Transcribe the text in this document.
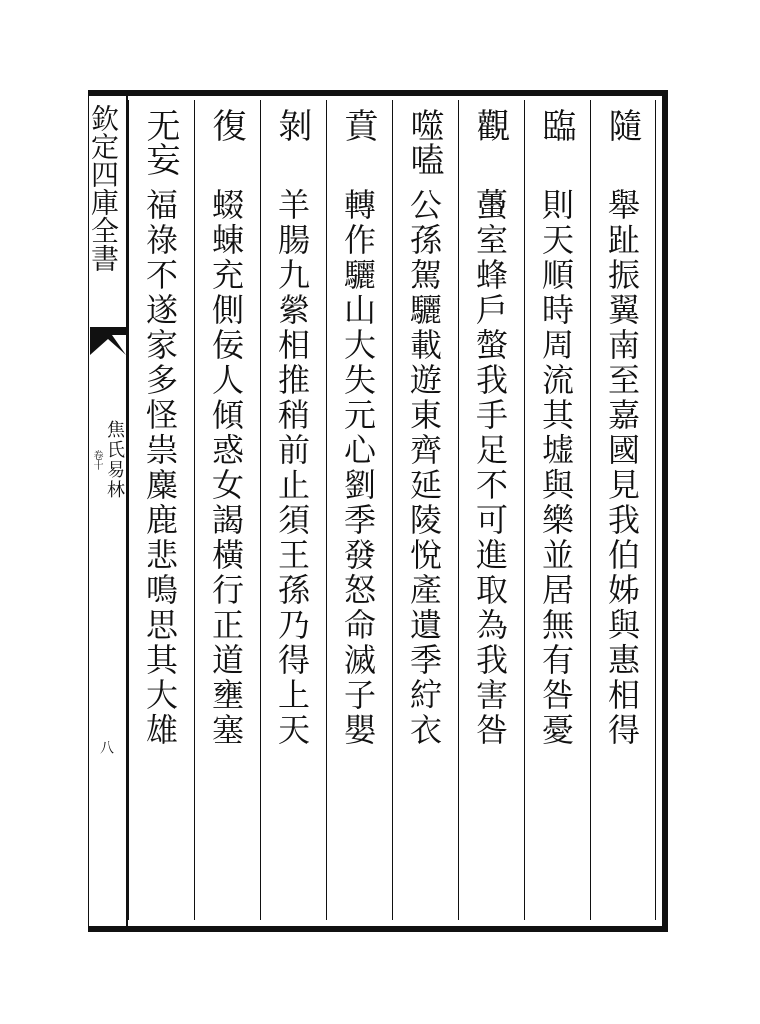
欽定四庫全書
焦氏易林
卷十
八
隨
舉趾振翼南至嘉國見我伯姊與惠相得
臨
則天順時周流其墟與樂並居無有咎憂
觀
蠆室蜂戶螫我手足不可進取為我害咎
噬嗑
公孫駕驪載遊東齊延陵悅產遺季紵衣
賁
轉作驪山大失元心劉季發怒命滅子嬰
剝
羊腸九縈相推稍前止須王孫乃得上天
復
蝃蝀充側佞人傾惑女謁橫行正道壅塞
无妄
福祿不遂家多怪祟麋鹿悲鳴思其大雄
